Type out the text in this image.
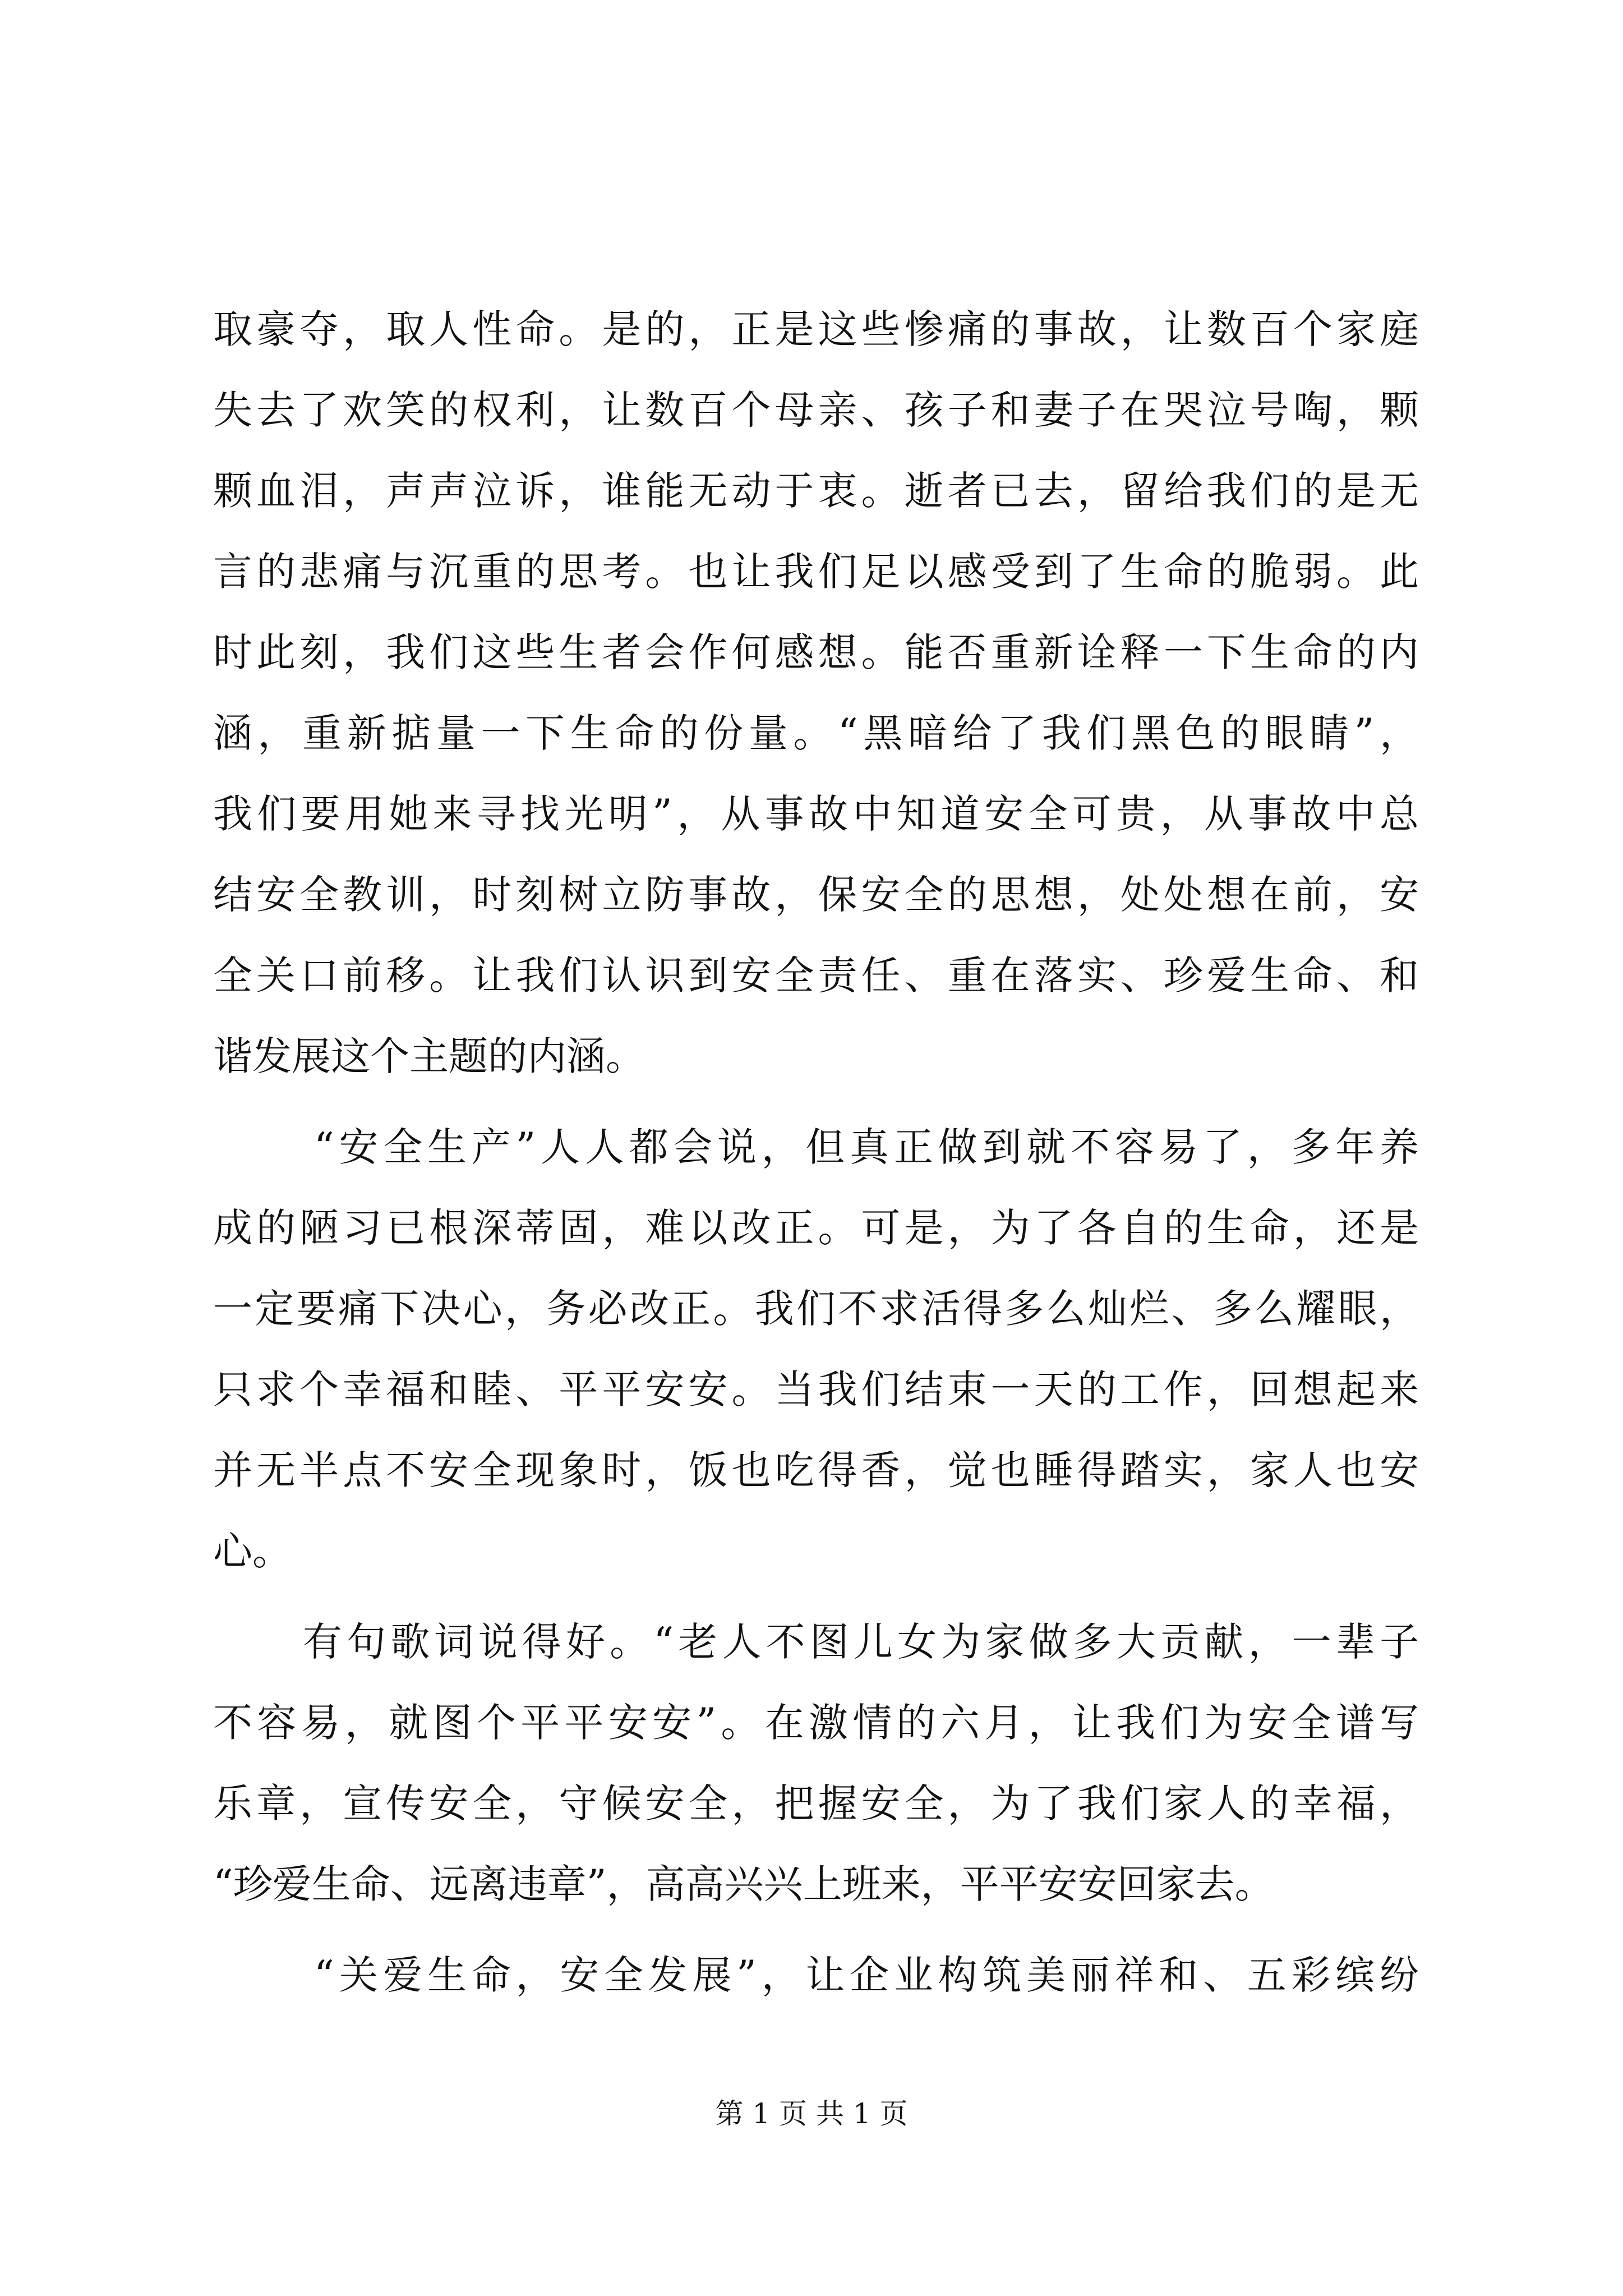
取豪夺，取人性命。是的，正是这些惨痛的事故，让数百个家庭
失去了欢笑的权利，让数百个母亲、孩子和妻子在哭泣号啕，颗
颗血泪，声声泣诉，谁能无动于衷。逝者已去，留给我们的是无
言的悲痛与沉重的思考。也让我们足以感受到了生命的脆弱。此
时此刻，我们这些生者会作何感想。能否重新诠释一下生命的内
涵，重新掂量一下生命的份量。“黑暗给了我们黑色的眼睛”，
我们要用她来寻找光明”，从事故中知道安全可贵，从事故中总
结安全教训，时刻树立防事故，保安全的思想，处处想在前，安
全关口前移。让我们认识到安全责任、重在落实、珍爱生命、和
谐发展这个主题的内涵。
“安全生产”人人都会说，但真正做到就不容易了，多年养
成的陋习已根深蒂固，难以改正。可是，为了各自的生命，还是
一定要痛下决心，务必改正。我们不求活得多么灿烂、多么耀眼，
只求个幸福和睦、平平安安。当我们结束一天的工作，回想起来
并无半点不安全现象时，饭也吃得香，觉也睡得踏实，家人也安
心。
有句歌词说得好。“老人不图儿女为家做多大贡献，一辈子
不容易，就图个平平安安”。在激情的六月，让我们为安全谱写
乐章，宣传安全，守候安全，把握安全，为了我们家人的幸福，
“珍爱生命、远离违章”，高高兴兴上班来，平平安安回家去。
“关爱生命，安全发展”，让企业构筑美丽祥和、五彩缤纷
第 1 页 共 1 页
